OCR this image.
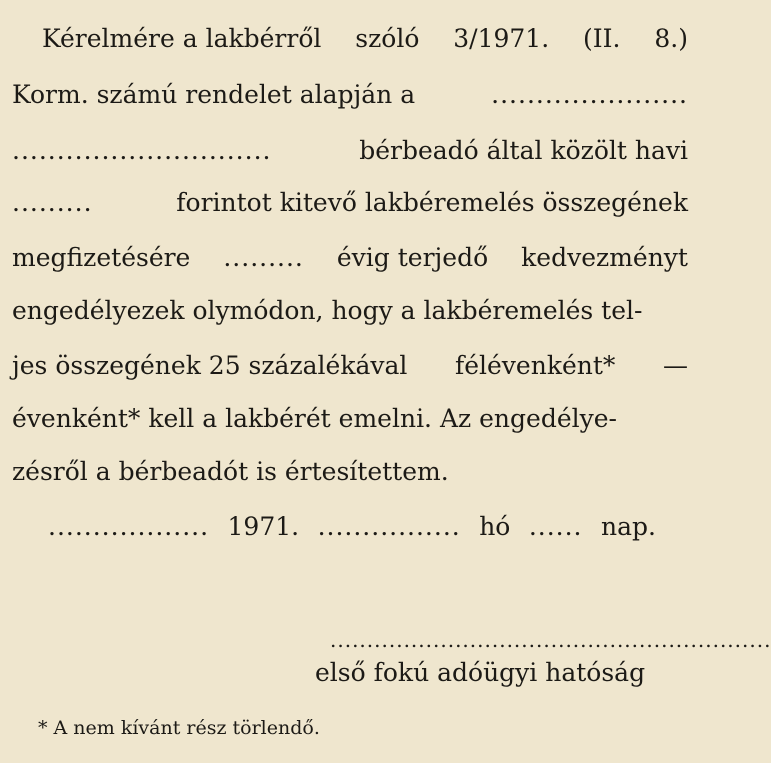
Kérelmére a lakbérről szóló 3/1971. (II. 8.)
Korm. számú rendelet alapján a	......................
.............................	bérbeadó által közölt havi
.........	forintot kitevő lakbéremelés összegének
megfizetésére ......... évig terjedő kedvezményt
engedélyezek olymódon, hogy a lakbéremelés tel-
jes összegének 25 százalékával félévenként* —
évenként* kell a lakbérét emelni. Az engedélye-
zésről a bérbeadót is értesítettem.
.................. 1971. ................ hó ...... nap.
............................................................
első fokú adóügyi hatóság
* A nem kívánt rész törlendő.
